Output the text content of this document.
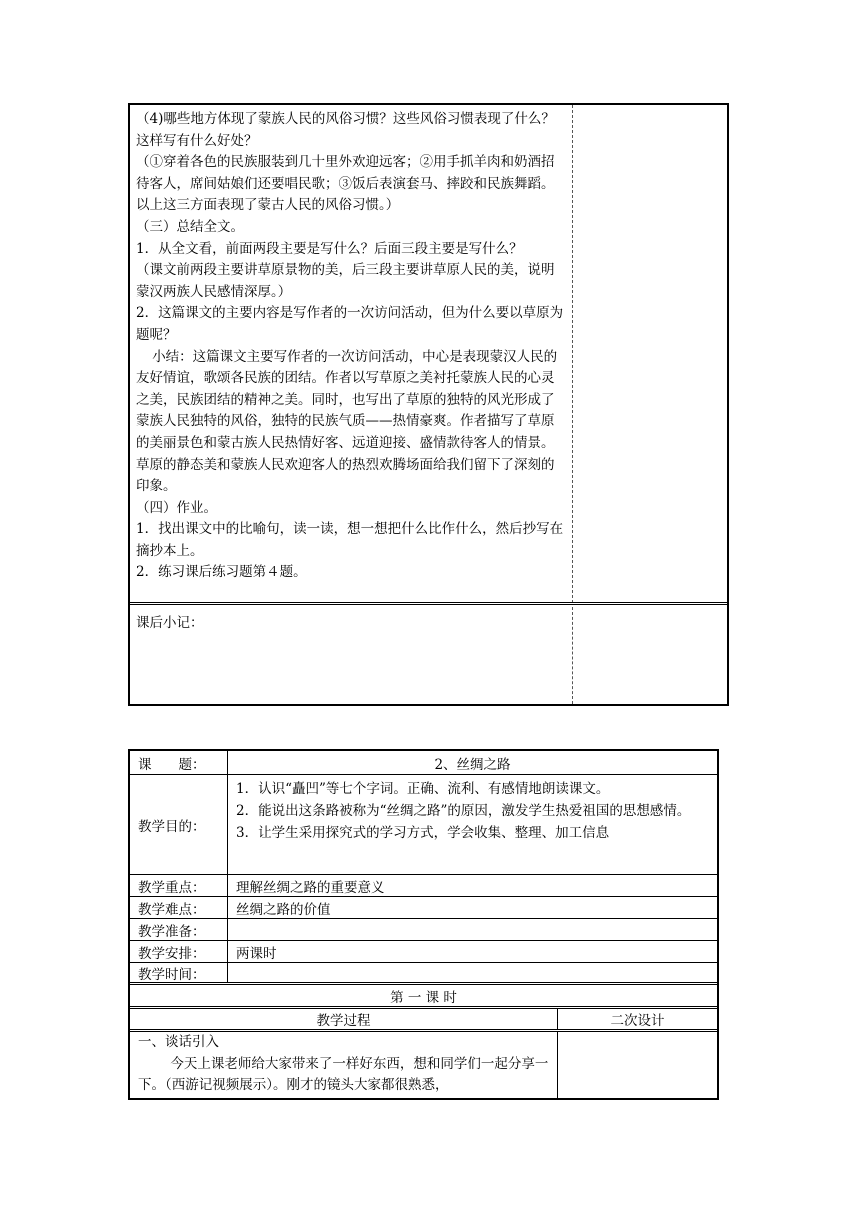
（4)哪些地方体现了蒙族人民的风俗习惯？这些风俗习惯表现了什么？这样写有什么好处？

（①穿着各色的民族服装到几十里外欢迎远客；②用手抓羊肉和奶酒招待客人，席间姑娘们还要唱民歌；③饭后表演套马、摔跤和民族舞蹈。以上这三方面表现了蒙古人民的风俗习惯。）

（三）总结全文。

1．从全文看，前面两段主要是写什么？后面三段主要是写什么？

（课文前两段主要讲草原景物的美，后三段主要讲草原人民的美，说明蒙汉两族人民感情深厚。）

2．这篇课文的主要内容是写作者的一次访问活动，但为什么要以草原为题呢？

小结：这篇课文主要写作者的一次访问活动，中心是表现蒙汉人民的友好情谊，歌颂各民族的团结。作者以写草原之美衬托蒙族人民的心灵之美，民族团结的精神之美。同时，也写出了草原的独特的风光形成了蒙族人民独特的风俗，独特的民族气质——热情豪爽。作者描写了草原的美丽景色和蒙古族人民热情好客、远道迎接、盛情款待客人的情景。草原的静态美和蒙族人民欢迎客人的热烈欢腾场面给我们留下了深刻的印象。

（四）作业。

1．找出课文中的比喻句，读一读，想一想把什么比作什么，然后抄写在摘抄本上。

2．练习课后练习题第４题。

课后小记：
课　　题：	2、丝绸之路
教学目的：
1．认识“矗凹”等七个字词。正确、流利、有感情地朗读课文。
2．能说出这条路被称为“丝绸之路”的原因，激发学生热爱祖国的思想感情。
3．让学生采用探究式的学习方式，学会收集、整理、加工信息
教学重点：	理解丝绸之路的重要意义
教学难点：	丝绸之路的价值
教学准备：
教学安排：	两课时
教学时间：
第 一 课 时
教学过程	二次设计
一、谈话引入
今天上课老师给大家带来了一样好东西，想和同学们一起分享一下。（西游记视频展示）。刚才的镜头大家都很熟悉，
